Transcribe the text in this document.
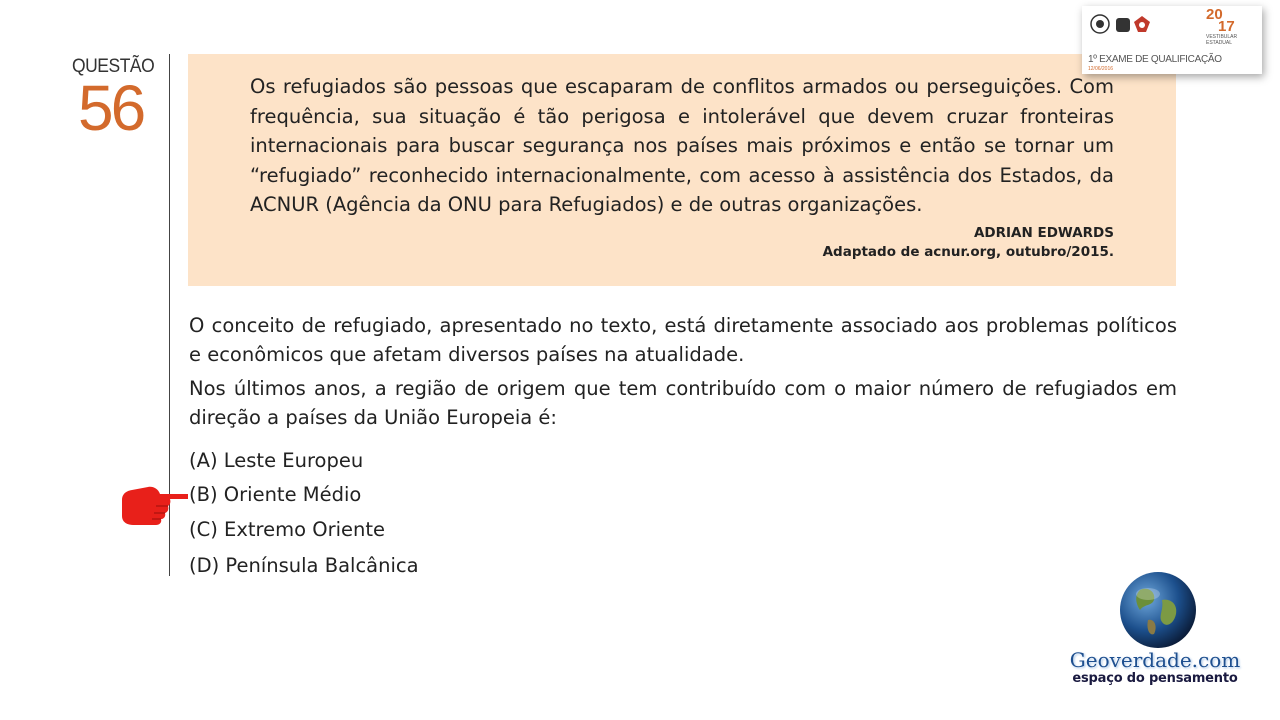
QUESTÃO
56	Os refugiados são pessoas que escaparam de conflitos armados ou perseguições. Com frequência, sua situação é tão perigosa e intolerável que devem cruzar fronteiras internacionais para buscar segurança nos países mais próximos e então se tornar um “refugiado” reconhecido internacionalmente, com acesso à assistência dos Estados, da ACNUR (Agência da ONU para Refugiados) e de outras organizações.
ADRIAN EDWARDS
Adaptado de acnur.org, outubro/2015.
O conceito de refugiado, apresentado no texto, está diretamente associado aos problemas políticos e econômicos que afetam diversos países na atualidade.
Nos últimos anos, a região de origem que tem contribuído com o maior número de refugiados em direção a países da União Europeia é:
(A) Leste Europeu
(B) Oriente Médio
(C) Extremo Oriente
(D) Península Balcânica
20
17
VESTIBULAR ESTADUAL
1º EXAME DE QUALIFICAÇÃO
12/06/2016
Geoverdade.com
espaço do pensamento
